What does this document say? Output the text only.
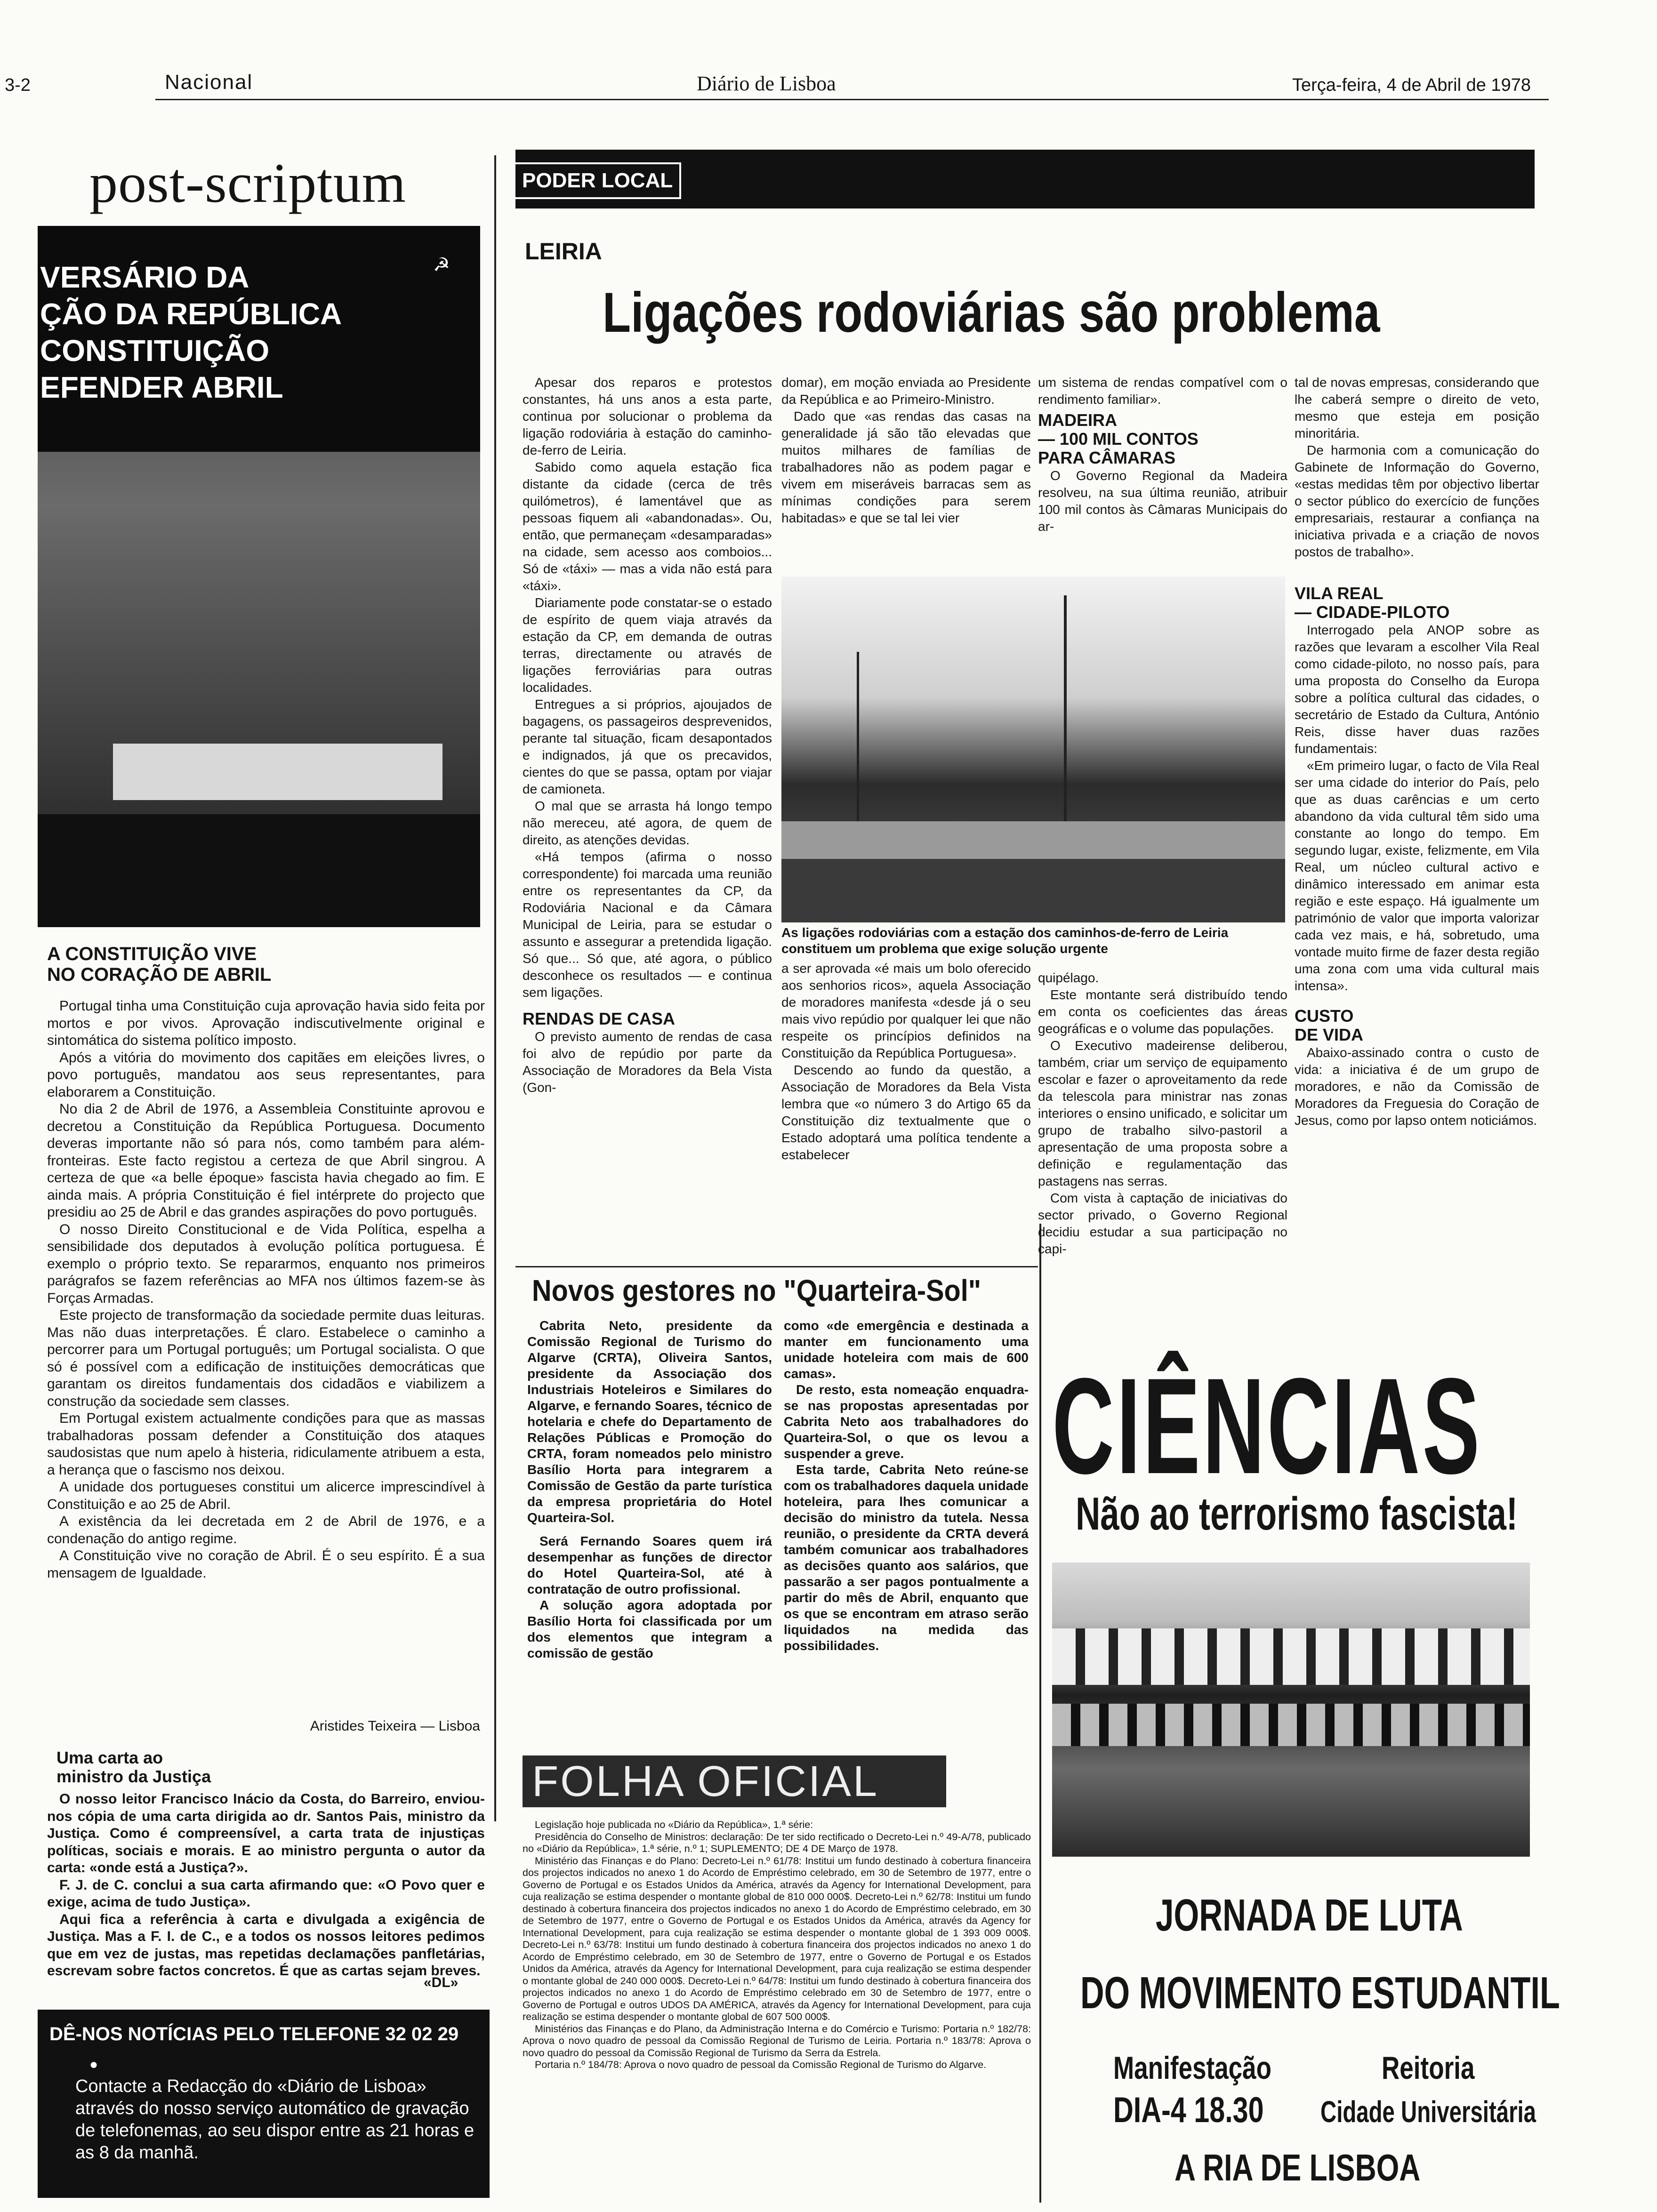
3-2	Nacional	Diário de Lisboa	Terça-feira, 4 de Abril de 1978
post-scriptum
☭
VERSÁRIO DA
ÇÃO DA REPÚBLICA
CONSTITUIÇÃO
EFENDER ABRIL
A CONSTITUIÇÃO VIVE
NO CORAÇÃO DE ABRIL

Portugal tinha uma Constituição cuja aprovação havia sido feita por mortos e por vivos. Aprovação indiscutivelmente original e sintomática do sistema político imposto.

Após a vitória do movimento dos capitães em eleições livres, o povo português, mandatou aos seus representantes, para elaborarem a Constituição.

No dia 2 de Abril de 1976, a Assembleia Constituinte aprovou e decretou a Constituição da República Portuguesa. Documento deveras importante não só para nós, como também para além-fronteiras. Este facto registou a certeza de que Abril singrou. A certeza de que «a belle époque» fascista havia chegado ao fim. E ainda mais. A própria Constituição é fiel intérprete do projecto que presidiu ao 25 de Abril e das grandes aspirações do povo português.

O nosso Direito Constitucional e de Vida Política, espelha a sensibilidade dos deputados à evolução política portuguesa. É exemplo o próprio texto. Se repararmos, enquanto nos primeiros parágrafos se fazem referências ao MFA nos últimos fazem-se às Forças Armadas.

Este projecto de transformação da sociedade permite duas leituras. Mas não duas interpretações. É claro. Estabelece o caminho a percorrer para um Portugal português; um Portugal socialista. O que só é possível com a edificação de instituições democráticas que garantam os direitos fundamentais dos cidadãos e viabilizem a construção da sociedade sem classes.

Em Portugal existem actualmente condições para que as massas trabalhadoras possam defender a Constituição dos ataques saudosistas que num apelo à histeria, ridiculamente atribuem a esta, a herança que o fascismo nos deixou.

A unidade dos portugueses constitui um alicerce imprescindível à Constituição e ao 25 de Abril.

A existência da lei decretada em 2 de Abril de 1976, e a condenação do antigo regime.

A Constituição vive no coração de Abril. É o seu espírito. É a sua mensagem de Igualdade.

Aristides Teixeira — Lisboa
Uma carta ao
ministro da Justiça

O nosso leitor Francisco Inácio da Costa, do Barreiro, enviou-nos cópia de uma carta dirigida ao dr. Santos Pais, ministro da Justiça. Como é compreensível, a carta trata de injustiças políticas, sociais e morais. E ao ministro pergunta o autor da carta: «onde está a Justiça?».

F. J. de C. conclui a sua carta afirmando que: «O Povo quer e exige, acima de tudo Justiça».

Aqui fica a referência à carta e divulgada a exigência de Justiça. Mas a F. I. de C., e a todos os nossos leitores pedimos que em vez de justas, mas repetidas declamações panfletárias, escrevam sobre factos concretos. É que as cartas sejam breves.

«DL»
DÊ-NOS NOTÍCIAS PELO TELEFONE 32 02 29
●
Contacte a Redacção do «Diário de Lisboa» através do nosso serviço automático de gravação de telefonemas, ao seu dispor entre as 21 horas e as 8 da manhã.
PODER LOCAL
LEIRIA
Ligações rodoviárias são problema

Apesar dos reparos e protestos constantes, há uns anos a esta parte, continua por solucionar o problema da ligação rodoviária à estação do caminho-de-ferro de Leiria.

Sabido como aquela estação fica distante da cidade (cerca de três quilómetros), é lamentável que as pessoas fiquem ali «abandonadas». Ou, então, que permaneçam «desamparadas» na cidade, sem acesso aos comboios... Só de «táxi» — mas a vida não está para «táxi».

Diariamente pode constatar-se o estado de espírito de quem viaja através da estação da CP, em demanda de outras terras, directamente ou através de ligações ferroviárias para outras localidades.

Entregues a si próprios, ajoujados de bagagens, os passageiros desprevenidos, perante tal situação, ficam desapontados e indignados, já que os precavidos, cientes do que se passa, optam por viajar de camioneta.

O mal que se arrasta há longo tempo não mereceu, até agora, de quem de direito, as atenções devidas.

«Há tempos (afirma o nosso correspondente) foi marcada uma reunião entre os representantes da CP, da Rodoviária Nacional e da Câmara Municipal de Leiria, para se estudar o assunto e assegurar a pretendida ligação. Só que... Só que, até agora, o público desconhece os resultados — e continua sem ligações.

RENDAS DE CASA

O previsto aumento de rendas de casa foi alvo de repúdio por parte da Associação de Moradores da Bela Vista (Gon-

domar), em moção enviada ao Presidente da República e ao Primeiro-Ministro.

Dado que «as rendas das casas na generalidade já são tão elevadas que muitos milhares de famílias de trabalhadores não as podem pagar e vivem em miseráveis barracas sem as mínimas condições para serem habitadas» e que se tal lei vier

um sistema de rendas compatível com o rendimento familiar».

MADEIRA
— 100 MIL CONTOS
PARA CÂMARAS

O Governo Regional da Madeira resolveu, na sua última reunião, atribuir 100 mil contos às Câmaras Municipais do ar-

tal de novas empresas, considerando que lhe caberá sempre o direito de veto, mesmo que esteja em posição minoritária.

De harmonia com a comunicação do Gabinete de Informação do Governo, «estas medidas têm por objectivo libertar o sector público do exercício de funções empresariais, restaurar a confiança na iniciativa privada e a criação de novos postos de trabalho».

VILA REAL
— CIDADE-PILOTO

Interrogado pela ANOP sobre as razões que levaram a escolher Vila Real como cidade-piloto, no nosso país, para uma proposta do Conselho da Europa sobre a política cultural das cidades, o secretário de Estado da Cultura, António Reis, disse haver duas razões fundamentais:

«Em primeiro lugar, o facto de Vila Real ser uma cidade do interior do País, pelo que as duas carências e um certo abandono da vida cultural têm sido uma constante ao longo do tempo. Em segundo lugar, existe, felizmente, em Vila Real, um núcleo cultural activo e dinâmico interessado em animar esta região e este espaço. Há igualmente um património de valor que importa valorizar cada vez mais, e há, sobretudo, uma vontade muito firme de fazer desta região uma zona com uma vida cultural mais intensa».

CUSTO
DE VIDA

Abaixo-assinado contra o custo de vida: a iniciativa é de um grupo de moradores, e não da Comissão de Moradores da Freguesia do Coração de Jesus, como por lapso ontem noticiámos.

As ligações rodoviárias com a estação dos caminhos-de-ferro de Leiria constituem um problema que exige solução urgente

a ser aprovada «é mais um bolo oferecido aos senhorios ricos», aquela Associação de moradores manifesta «desde já o seu mais vivo repúdio por qualquer lei que não respeite os princípios definidos na Constituição da República Portuguesa».

Descendo ao fundo da questão, a Associação de Moradores da Bela Vista lembra que «o número 3 do Artigo 65 da Constituição diz textualmente que o Estado adoptará uma política tendente a estabelecer

quipélago.

Este montante será distribuído tendo em conta os coeficientes das áreas geográficas e o volume das populações.

O Executivo madeirense deliberou, também, criar um serviço de equipamento escolar e fazer o aproveitamento da rede da telescola para ministrar nas zonas interiores o ensino unificado, e solicitar um grupo de trabalho silvo-pastoril a apresentação de uma proposta sobre a definição e regulamentação das pastagens nas serras.

Com vista à captação de iniciativas do sector privado, o Governo Regional decidiu estudar a sua participação no capi-

Novos gestores no "Quarteira-Sol"

Cabrita Neto, presidente da Comissão Regional de Turismo do Algarve (CRTA), Oliveira Santos, presidente da Associação dos Industriais Hoteleiros e Similares do Algarve, e fernando Soares, técnico de hotelaria e chefe do Departamento de Relações Públicas e Promoção do CRTA, foram nomeados pelo ministro Basílio Horta para integrarem a Comissão de Gestão da parte turística da empresa proprietária do Hotel Quarteira-Sol.

Será Fernando Soares quem irá desempenhar as funções de director do Hotel Quarteira-Sol, até à contratação de outro profissional.

A solução agora adoptada por Basílio Horta foi classificada por um dos elementos que integram a comissão de gestão

como «de emergência e destinada a manter em funcionamento uma unidade hoteleira com mais de 600 camas».

De resto, esta nomeação enquadra-se nas propostas apresentadas por Cabrita Neto aos trabalhadores do Quarteira-Sol, o que os levou a suspender a greve.

Esta tarde, Cabrita Neto reúne-se com os trabalhadores daquela unidade hoteleira, para lhes comunicar a decisão do ministro da tutela. Nessa reunião, o presidente da CRTA deverá também comunicar aos trabalhadores as decisões quanto aos salários, que passarão a ser pagos pontualmente a partir do mês de Abril, enquanto que os que se encontram em atraso serão liquidados na medida das possibilidades.

FOLHA OFICIAL

Legislação hoje publicada no «Diário da República», 1.ª série:

Presidência do Conselho de Ministros: declaração: De ter sido rectificado o Decreto-Lei n.º 49-A/78, publicado no «Diário da República», 1.ª série, n.º 1; SUPLEMENTO; DE 4 DE Março de 1978.

Ministério das Finanças e do Plano: Decreto-Lei n.º 61/78: Institui um fundo destinado à cobertura financeira dos projectos indicados no anexo 1 do Acordo de Empréstimo celebrado, em 30 de Setembro de 1977, entre o Governo de Portugal e os Estados Unidos da América, através da Agency for International Development, para cuja realização se estima despender o montante global de 810 000 000$. Decreto-Lei n.º 62/78: Institui um fundo destinado à cobertura financeira dos projectos indicados no anexo 1 do Acordo de Empréstimo celebrado, em 30 de Setembro de 1977, entre o Governo de Portugal e os Estados Unidos da América, através da Agency for International Development, para cuja realização se estima despender o montante global de 1 393 009 000$. Decreto-Lei n.º 63/78: Institui um fundo destinado à cobertura financeira dos projectos indicados no anexo 1 do Acordo de Empréstimo celebrado, em 30 de Setembro de 1977, entre o Governo de Portugal e os Estados Unidos da América, através da Agency for International Development, para cuja realização se estima despender o montante global de 240 000 000$. Decreto-Lei n.º 64/78: Institui um fundo destinado à cobertura financeira dos projectos indicados no anexo 1 do Acordo de Empréstimo celebrado em 30 de Setembro de 1977, entre o Governo de Portugal e outros UDOS DA AMÉRICA, através da Agency for International Development, para cuja realização se estima despender o montante global de 607 500 000$.

Ministérios das Finanças e do Plano, da Administração Interna e do Comércio e Turismo: Portaria n.º 182/78: Aprova o novo quadro de pessoal da Comissão Regional de Turismo de Leiria. Portaria n.º 183/78: Aprova o novo quadro do pessoal da Comissão Regional de Turismo da Serra da Estrela.

Portaria n.º 184/78: Aprova o novo quadro de pessoal da Comissão Regional de Turismo do Algarve.

CIÊNCIAS
Não ao terrorismo fascista!
JORNADA DE LUTA
DO MOVIMENTO ESTUDANTIL
Manifestação	Reitoria
DIA-4 18.30 Cidade Universitária
A RIA DE LISBOA
